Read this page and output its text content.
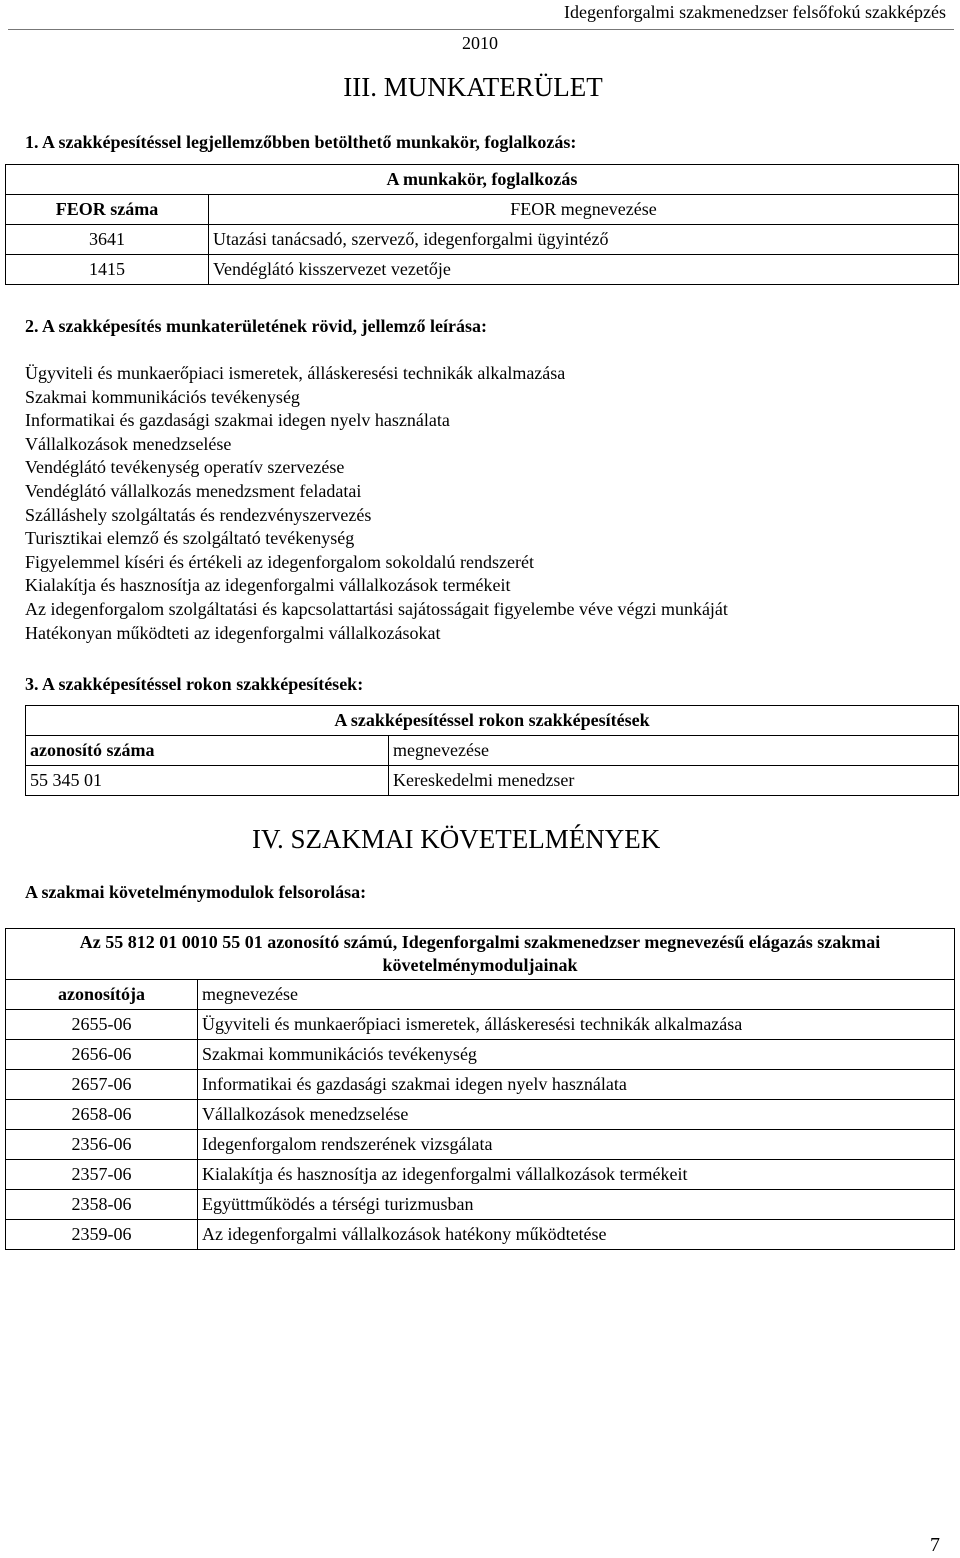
Idegenforgalmi szakmenedzser felsőfokú szakképzés
2010
III. MUNKATERÜLET
1. A szakképesítéssel legjellemzőbben betölthető munkakör, foglalkozás:
A munkakör, foglalkozás	
FEOR száma	FEOR megnevezése
3641	Utazási tanácsadó, szervező, idegenforgalmi ügyintéző
1415	Vendéglátó kisszervezet vezetője
2. A szakképesítés munkaterületének rövid, jellemző leírása:
Ügyviteli és munkaerőpiaci ismeretek, álláskeresési technikák alkalmazása
Szakmai kommunikációs tevékenység
Informatikai és gazdasági szakmai idegen nyelv használata
Vállalkozások menedzselése
Vendéglátó tevékenység operatív szervezése
Vendéglátó vállalkozás menedzsment feladatai
Szálláshely szolgáltatás és rendezvényszervezés
Turisztikai elemző és szolgáltató tevékenység
Figyelemmel kíséri és értékeli az idegenforgalom sokoldalú rendszerét
Kialakítja és hasznosítja az idegenforgalmi vállalkozások termékeit
Az idegenforgalom szolgáltatási és kapcsolattartási sajátosságait figyelembe véve végzi munkáját
Hatékonyan működteti az idegenforgalmi vállalkozásokat
3. A szakképesítéssel rokon szakképesítések:
A szakképesítéssel rokon szakképesítések	
azonosító száma	megnevezése
55 345 01	Kereskedelmi menedzser
IV. SZAKMAI KÖVETELMÉNYEK
A szakmai követelménymodulok felsorolása:
Az 55 812 01 0010 55 01 azonosító számú, Idegenforgalmi szakmenedzser megnevezésű elágazás szakmai követelménymoduljainak	
azonosítója	megnevezése
2655-06	Ügyviteli és munkaerőpiaci ismeretek, álláskeresési technikák alkalmazása
2656-06	Szakmai kommunikációs tevékenység
2657-06	Informatikai és gazdasági szakmai idegen nyelv használata
2658-06	Vállalkozások menedzselése
2356-06	Idegenforgalom rendszerének vizsgálata
2357-06	Kialakítja és hasznosítja az idegenforgalmi vállalkozások termékeit
2358-06	Együttműködés a térségi turizmusban
2359-06	Az idegenforgalmi vállalkozások hatékony működtetése
7
